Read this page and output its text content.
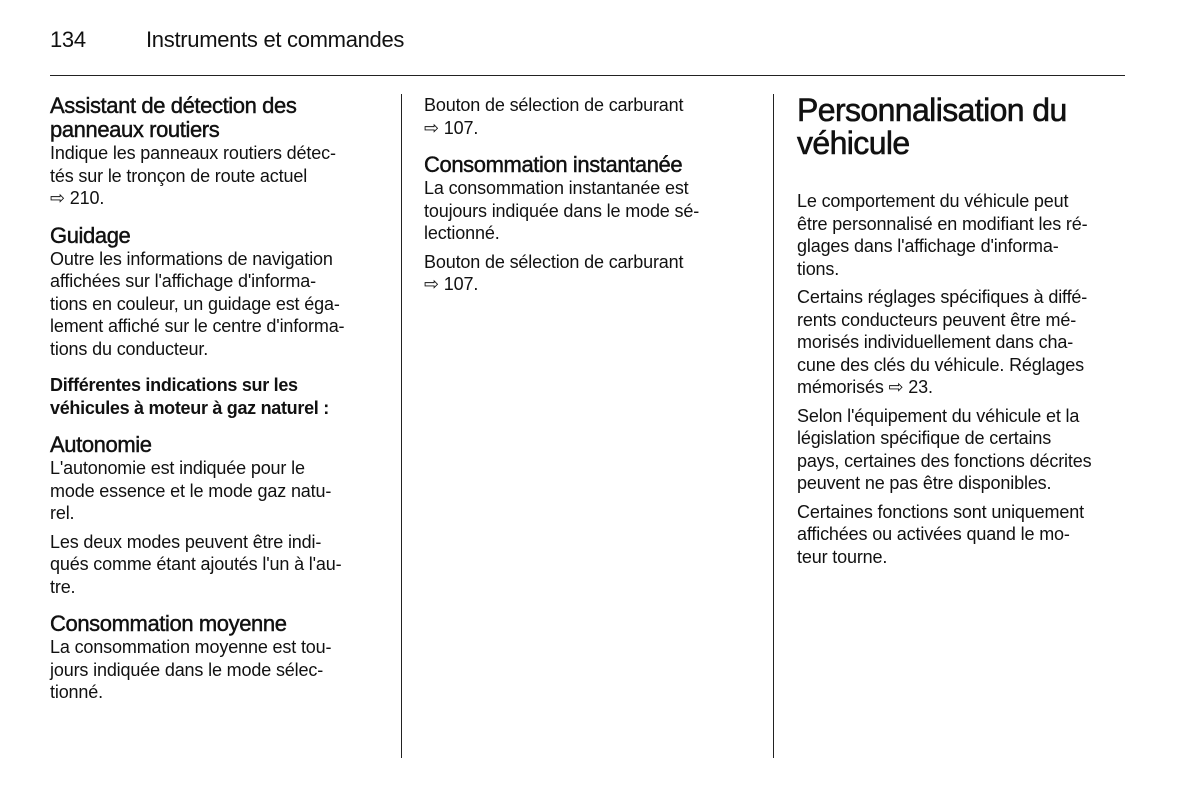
134	Instruments et commandes
Assistant de détection des
panneaux routiers

Indique les panneaux routiers détec-
tés sur le tronçon de route actuel
⇨ 210.

Guidage

Outre les informations de navigation
affichées sur l'affichage d'informa-
tions en couleur, un guidage est éga-
lement affiché sur le centre d'informa-
tions du conducteur.

Différentes indications sur les
véhicules à moteur à gaz naturel :

Autonomie

L'autonomie est indiquée pour le
mode essence et le mode gaz natu-
rel.

Les deux modes peuvent être indi-
qués comme étant ajoutés l'un à l'au-
tre.

Consommation moyenne

La consommation moyenne est tou-
jours indiquée dans le mode sélec-
tionné.

Bouton de sélection de carburant
⇨ 107.

Consommation instantanée

La consommation instantanée est
toujours indiquée dans le mode sé-
lectionné.

Bouton de sélection de carburant
⇨ 107.

Personnalisation du
véhicule

Le comportement du véhicule peut
être personnalisé en modifiant les ré-
glages dans l'affichage d'informa-
tions.

Certains réglages spécifiques à diffé-
rents conducteurs peuvent être mé-
morisés individuellement dans cha-
cune des clés du véhicule. Réglages
mémorisés ⇨ 23.

Selon l'équipement du véhicule et la
législation spécifique de certains
pays, certaines des fonctions décrites
peuvent ne pas être disponibles.

Certaines fonctions sont uniquement
affichées ou activées quand le mo-
teur tourne.
